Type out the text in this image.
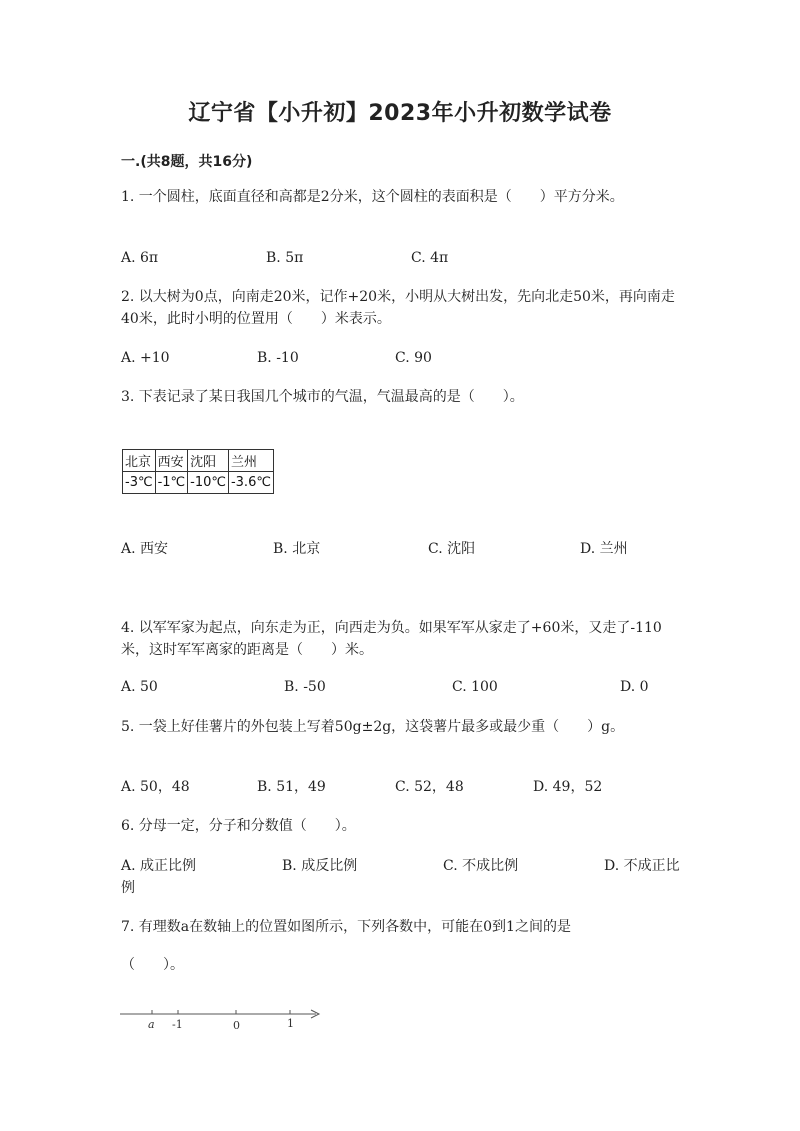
辽宁省【小升初】2023年小升初数学试卷
一.(共8题，共16分)
1. 一个圆柱，底面直径和高都是2分米，这个圆柱的表面积是（　　）平方分米。
A. 6π	B. 5π	C. 4π
2. 以大树为0点，向南走20米，记作+20米，小明从大树出发，先向北走50米，再向南走40米，此时小明的位置用（　　）米表示。
A. +10	B. -10	C. 90
3. 下表记录了某日我国几个城市的气温，气温最高的是（　　）。
北京	西安	沈阳	兰州
-3℃	-1℃	-10℃	-3.6℃
A. 西安	B. 北京	C. 沈阳	D. 兰州
4. 以军军家为起点，向东走为正，向西走为负。如果军军从家走了+60米，又走了-110米，这时军军离家的距离是（　　）米。
A. 50	B. -50	C. 100	D. 0
5. 一袋上好佳薯片的外包装上写着50g±2g，这袋薯片最多或最少重（　　）g。
A. 50，48	B. 51，49	C. 52，48	D. 49，52
6. 分母一定，分子和分数值（　　）。
A. 成正比例	B. 成反比例	C. 不成比例	D. 不成正比例
7. 有理数a在数轴上的位置如图所示，下列各数中，可能在0到1之间的是
（　　）。
a -1	0	1
